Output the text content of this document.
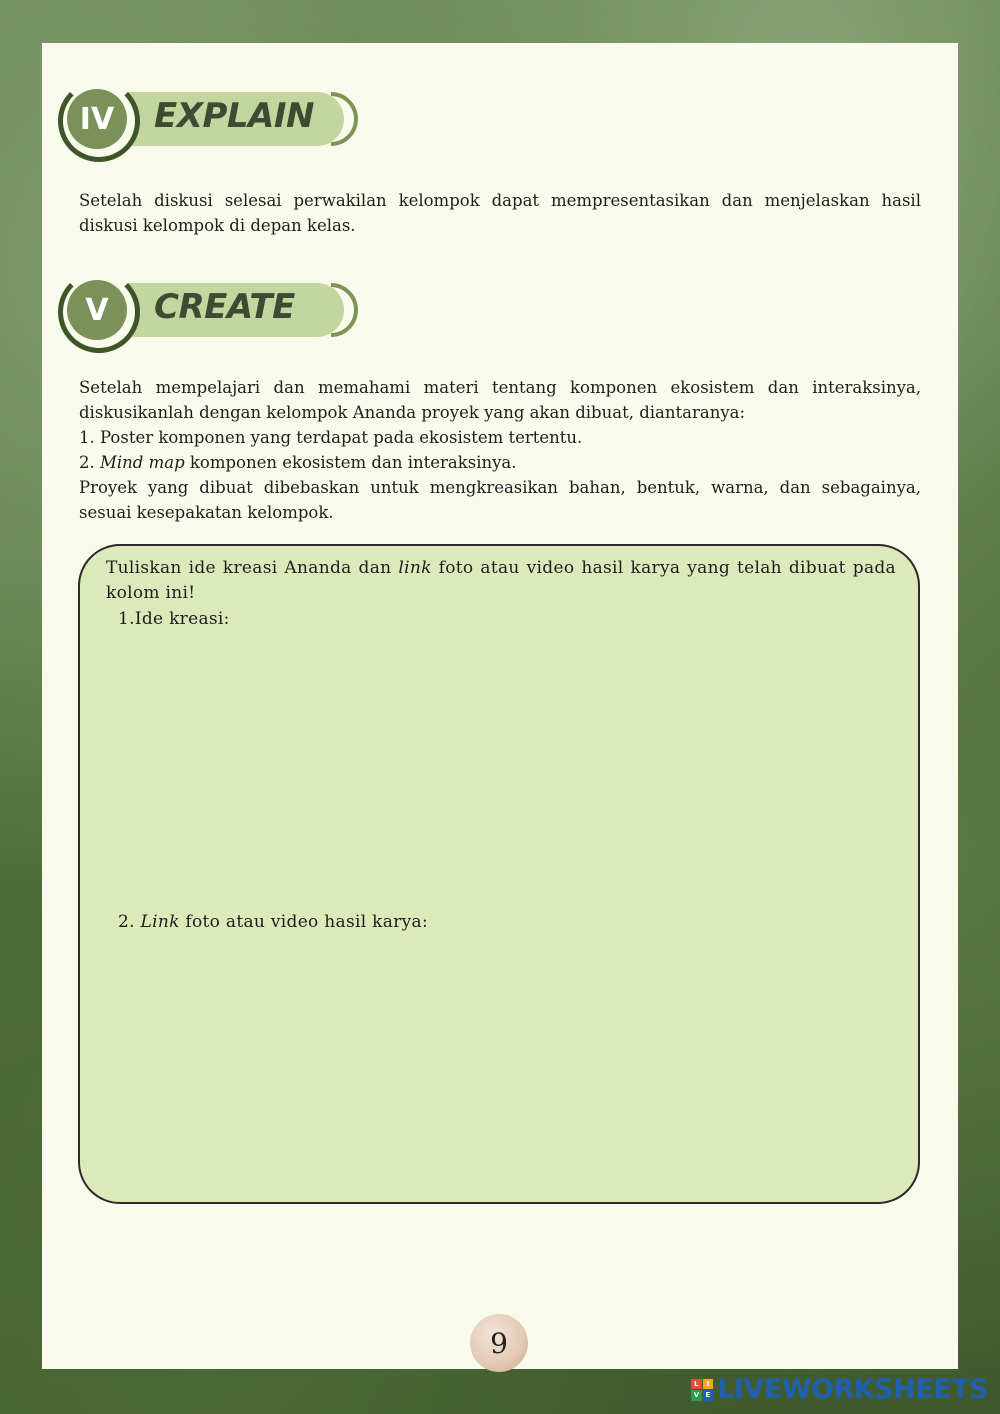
IV	EXPLAIN

Setelah diskusi selesai perwakilan kelompok dapat mempresentasikan dan menjelaskan hasil diskusi kelompok di depan kelas.

V	CREATE

Setelah mempelajari dan memahami materi tentang komponen ekosistem dan interaksinya, diskusikanlah dengan kelompok Ananda proyek yang akan dibuat, diantaranya:

1. Poster komponen yang terdapat pada ekosistem tertentu.

2. Mind map komponen ekosistem dan interaksinya.

Proyek yang dibuat dibebaskan untuk mengkreasikan bahan, bentuk, warna, dan sebagainya, sesuai kesepakatan kelompok.

Tuliskan ide kreasi Ananda dan link foto atau video hasil karya yang telah dibuat pada kolom ini!
1.Ide kreasi:
2. Link foto atau video hasil karya:
9
L	I
V E LIVEWORKSHEETS
